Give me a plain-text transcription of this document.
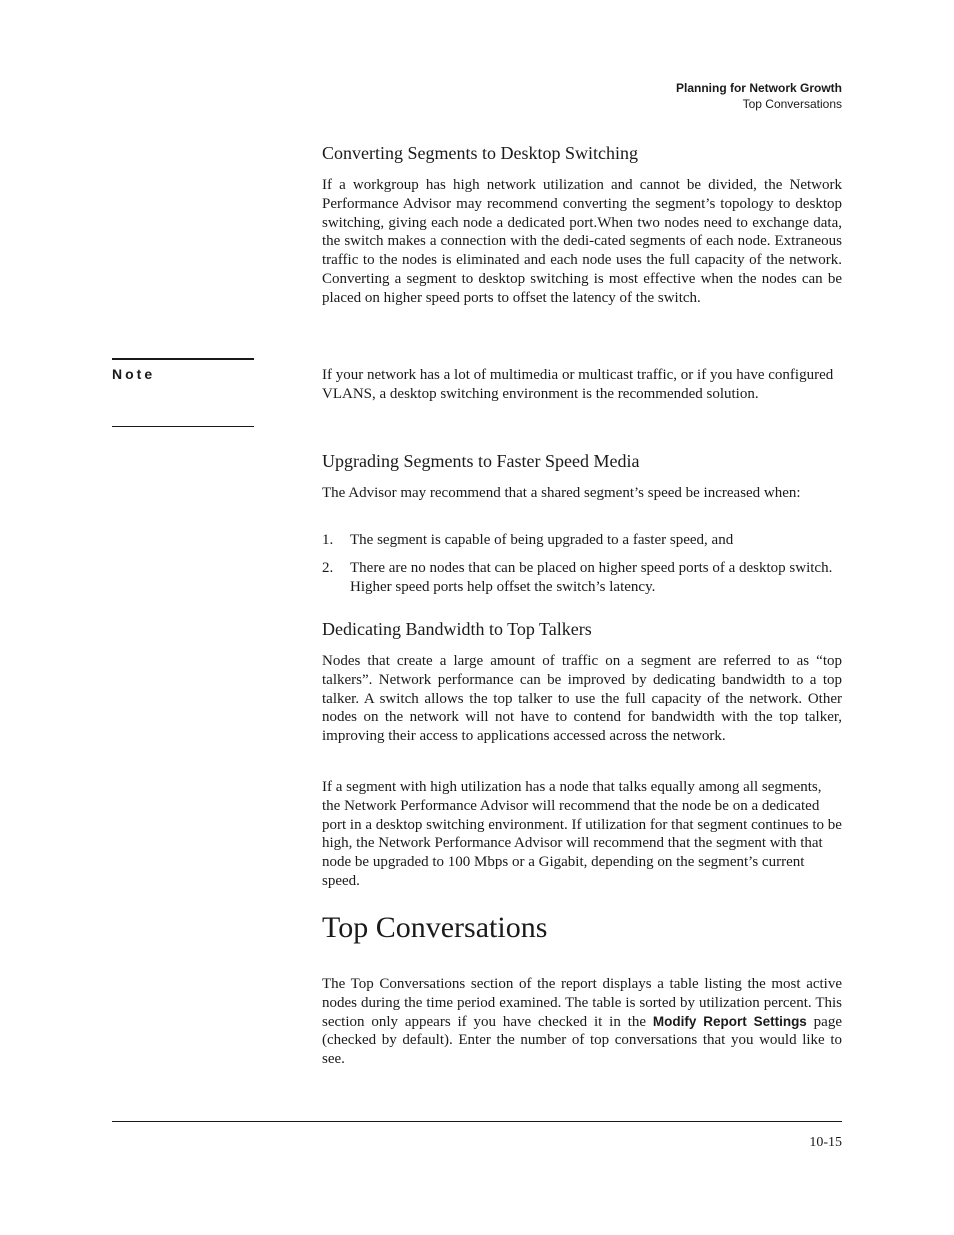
Planning for Network Growth
Top Conversations
Converting Segments to Desktop Switching

If a workgroup has high network utilization and cannot be divided, the Network Performance Advisor may recommend converting the segment’s topology to desktop switching, giving each node a dedicated port.When two nodes need to exchange data, the switch makes a connection with the dedi-cated segments of each node. Extraneous traffic to the nodes is eliminated and each node uses the full capacity of the network. Converting a segment to desktop switching is most effective when the nodes can be placed on higher speed ports to offset the latency of the switch.

Note	If your network has a lot of multimedia or multicast traffic, or if you have configured VLANS, a desktop switching environment is the recommended solution.

Upgrading Segments to Faster Speed Media

The Advisor may recommend that a shared segment’s speed be increased when:

1. The segment is capable of being upgraded to a faster speed, and
2. There are no nodes that can be placed on higher speed ports of a desktop switch. Higher speed ports help offset the switch’s latency.
Dedicating Bandwidth to Top Talkers

Nodes that create a large amount of traffic on a segment are referred to as “top talkers”. Network performance can be improved by dedicating bandwidth to a top talker. A switch allows the top talker to use the full capacity of the network. Other nodes on the network will not have to contend for bandwidth with the top talker, improving their access to applications accessed across the network.

If a segment with high utilization has a node that talks equally among all segments, the Network Performance Advisor will recommend that the node be on a dedicated port in a desktop switching environment. If utilization for that segment continues to be high, the Network Performance Advisor will recommend that the segment with that node be upgraded to 100 Mbps or a Gigabit, depending on the segment’s current speed.

Top Conversations

The Top Conversations section of the report displays a table listing the most active nodes during the time period examined. The table is sorted by utilization percent. This section only appears if you have checked it in the Modify Report Settings page (checked by default). Enter the number of top conversations that you would like to see.

10-15
